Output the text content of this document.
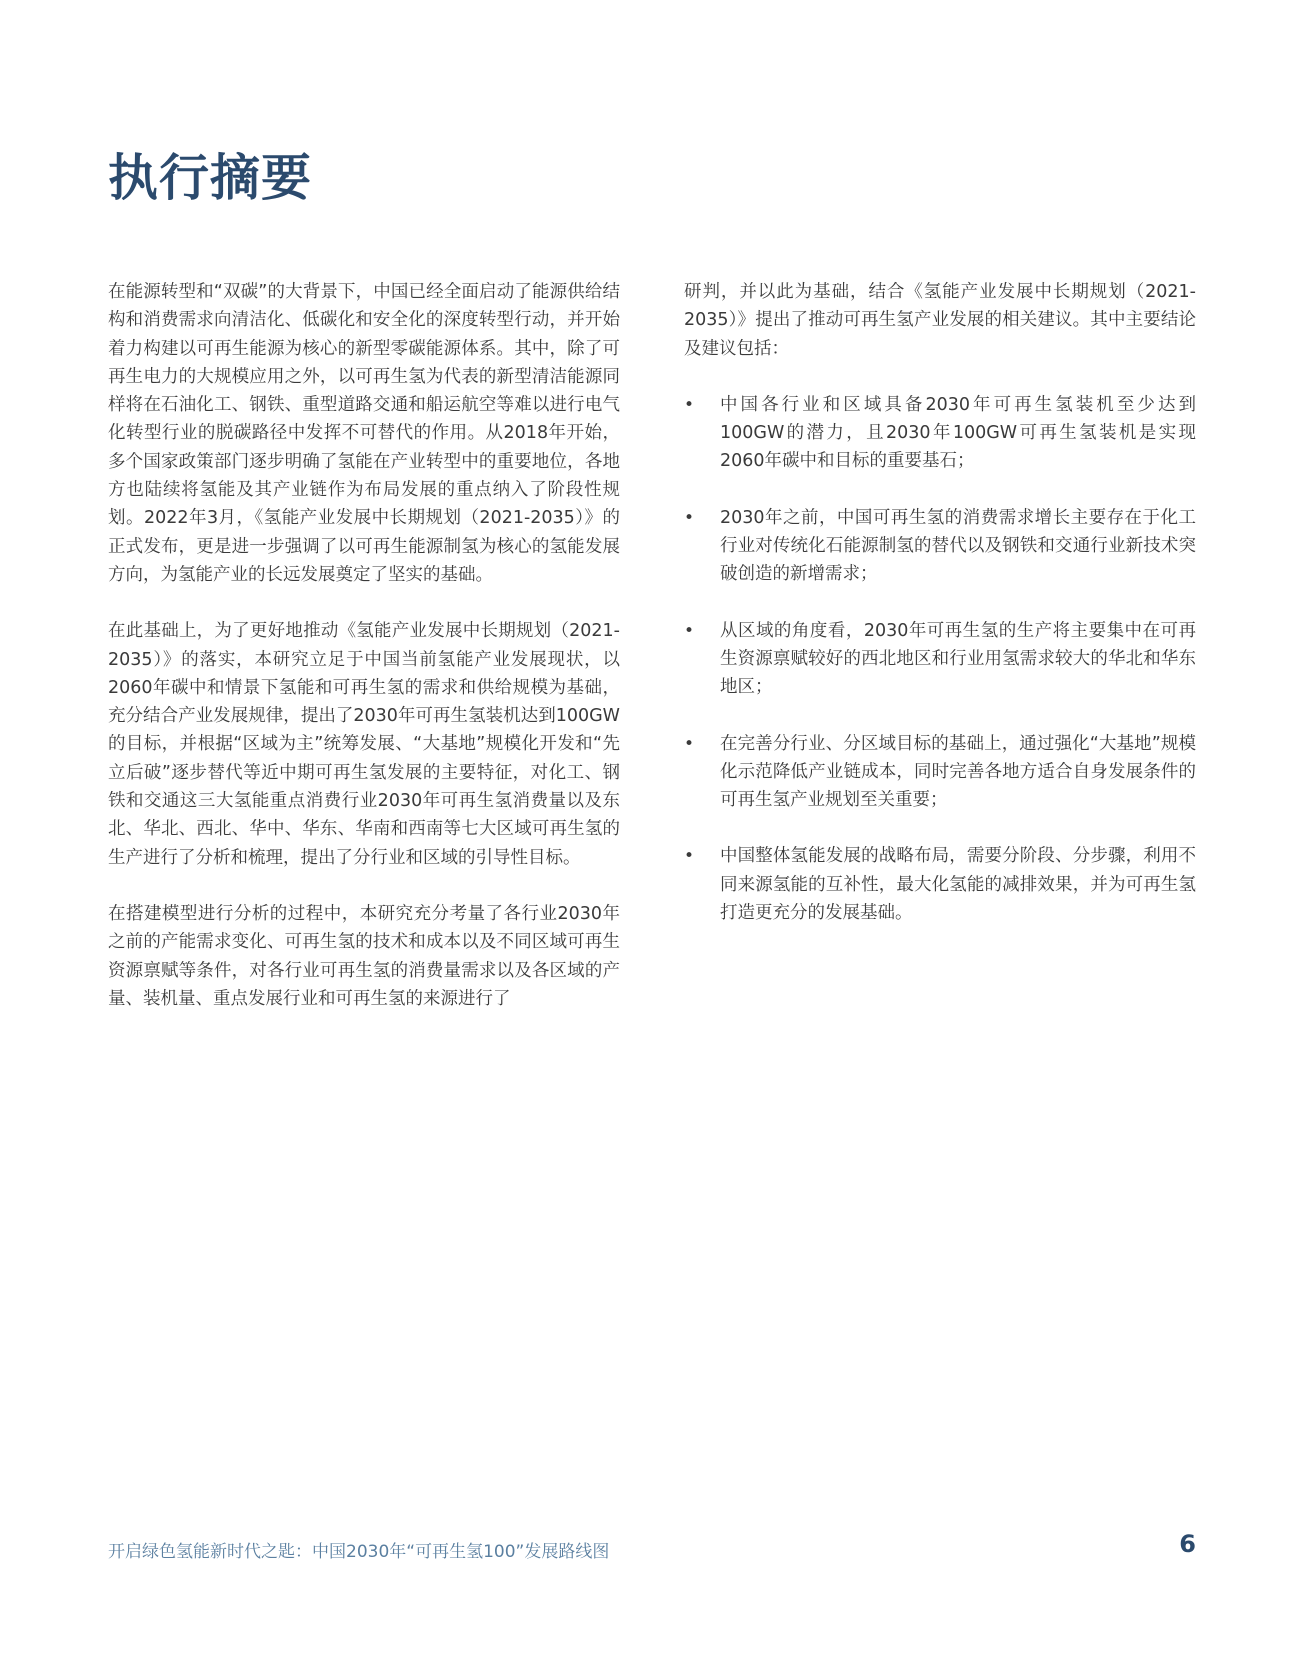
执行摘要

在能源转型和“双碳”的大背景下，中国已经全面启动了能源供给结构和消费需求向清洁化、低碳化和安全化的深度转型行动，并开始着力构建以可再生能源为核心的新型零碳能源体系。其中，除了可再生电力的大规模应用之外，以可再生氢为代表的新型清洁能源同样将在石油化工、钢铁、重型道路交通和船运航空等难以进行电气化转型行业的脱碳路径中发挥不可替代的作用。从2018年开始，多个国家政策部门逐步明确了氢能在产业转型中的重要地位，各地方也陆续将氢能及其产业链作为布局发展的重点纳入了阶段性规划。2022年3月，《氢能产业发展中长期规划（2021-2035）》的正式发布，更是进一步强调了以可再生能源制氢为核心的氢能发展方向，为氢能产业的长远发展奠定了坚实的基础。

在此基础上，为了更好地推动《氢能产业发展中长期规划（2021-2035）》的落实，本研究立足于中国当前氢能产业发展现状，以2060年碳中和情景下氢能和可再生氢的需求和供给规模为基础，充分结合产业发展规律，提出了2030年可再生氢装机达到100GW的目标，并根据“区域为主”统筹发展、“大基地”规模化开发和“先立后破”逐步替代等近中期可再生氢发展的主要特征，对化工、钢铁和交通这三大氢能重点消费行业2030年可再生氢消费量以及东北、华北、西北、华中、华东、华南和西南等七大区域可再生氢的生产进行了分析和梳理，提出了分行业和区域的引导性目标。

在搭建模型进行分析的过程中，本研究充分考量了各行业2030年之前的产能需求变化、可再生氢的技术和成本以及不同区域可再生资源禀赋等条件，对各行业可再生氢的消费量需求以及各区域的产量、装机量、重点发展行业和可再生氢的来源进行了

研判，并以此为基础，结合《氢能产业发展中长期规划（2021-2035）》提出了推动可再生氢产业发展的相关建议。其中主要结论及建议包括：

• 中国各行业和区域具备2030年可再生氢装机至少达到100GW的潜力，且2030年100GW可再生氢装机是实现2060年碳中和目标的重要基石；
• 2030年之前，中国可再生氢的消费需求增长主要存在于化工行业对传统化石能源制氢的替代以及钢铁和交通行业新技术突破创造的新增需求；
• 从区域的角度看，2030年可再生氢的生产将主要集中在可再生资源禀赋较好的西北地区和行业用氢需求较大的华北和华东地区；
• 在完善分行业、分区域目标的基础上，通过强化“大基地”规模化示范降低产业链成本，同时完善各地方适合自身发展条件的可再生氢产业规划至关重要；
• 中国整体氢能发展的战略布局，需要分阶段、分步骤，利用不同来源氢能的互补性，最大化氢能的减排效果，并为可再生氢打造更充分的发展基础。
开启绿色氢能新时代之匙：中国2030年“可再生氢100”发展路线图	6
